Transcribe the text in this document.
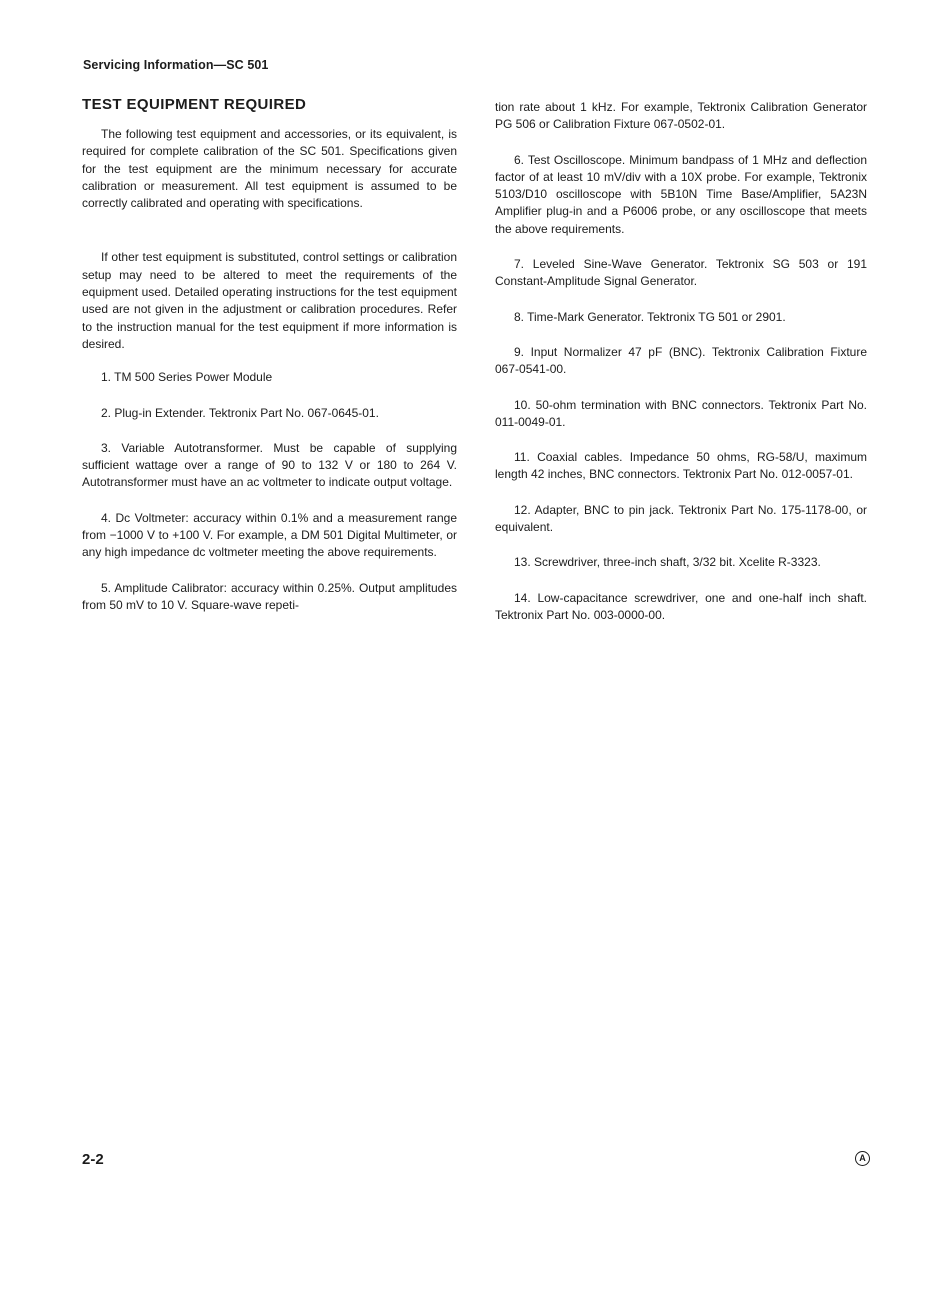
Servicing Information—SC 501
TEST EQUIPMENT REQUIRED

The following test equipment and accessories, or its equivalent, is required for complete calibration of the SC 501. Specifications given for the test equipment are the minimum necessary for accurate calibration or measurement. All test equipment is assumed to be correctly calibrated and operating with specifications.

If other test equipment is substituted, control settings or calibration setup may need to be altered to meet the requirements of the equipment used. Detailed operating instructions for the test equipment used are not given in the adjustment or calibration procedures. Refer to the instruction manual for the test equipment if more information is desired.

1. TM 500 Series Power Module

2. Plug-in Extender. Tektronix Part No. 067-0645-01.

3. Variable Autotransformer. Must be capable of supplying sufficient wattage over a range of 90 to 132 V or 180 to 264 V. Autotransformer must have an ac voltmeter to indicate output voltage.

4. Dc Voltmeter: accuracy within 0.1% and a measurement range from −1000 V to +100 V. For example, a DM 501 Digital Multimeter, or any high impedance dc voltmeter meeting the above requirements.

5. Amplitude Calibrator: accuracy within 0.25%. Output amplitudes from 50 mV to 10 V. Square-wave repeti-

tion rate about 1 kHz. For example, Tektronix Calibration Generator PG 506 or Calibration Fixture 067-0502-01.

6. Test Oscilloscope. Minimum bandpass of 1 MHz and deflection factor of at least 10 mV/div with a 10X probe. For example, Tektronix 5103/D10 oscilloscope with 5B10N Time Base/Amplifier, 5A23N Amplifier plug-in and a P6006 probe, or any oscilloscope that meets the above requirements.

7. Leveled Sine-Wave Generator. Tektronix SG 503 or 191 Constant-Amplitude Signal Generator.

8. Time-Mark Generator. Tektronix TG 501 or 2901.

9. Input Normalizer 47 pF (BNC). Tektronix Calibration Fixture 067-0541-00.

10. 50-ohm termination with BNC connectors. Tektronix Part No. 011-0049-01.

11. Coaxial cables. Impedance 50 ohms, RG-58/U, maximum length 42 inches, BNC connectors. Tektronix Part No. 012-0057-01.

12. Adapter, BNC to pin jack. Tektronix Part No. 175-1178-00, or equivalent.

13. Screwdriver, three-inch shaft, 3/32 bit. Xcelite R-3323.

14. Low-capacitance screwdriver, one and one-half inch shaft. Tektronix Part No. 003-0000-00.

2-2	A
